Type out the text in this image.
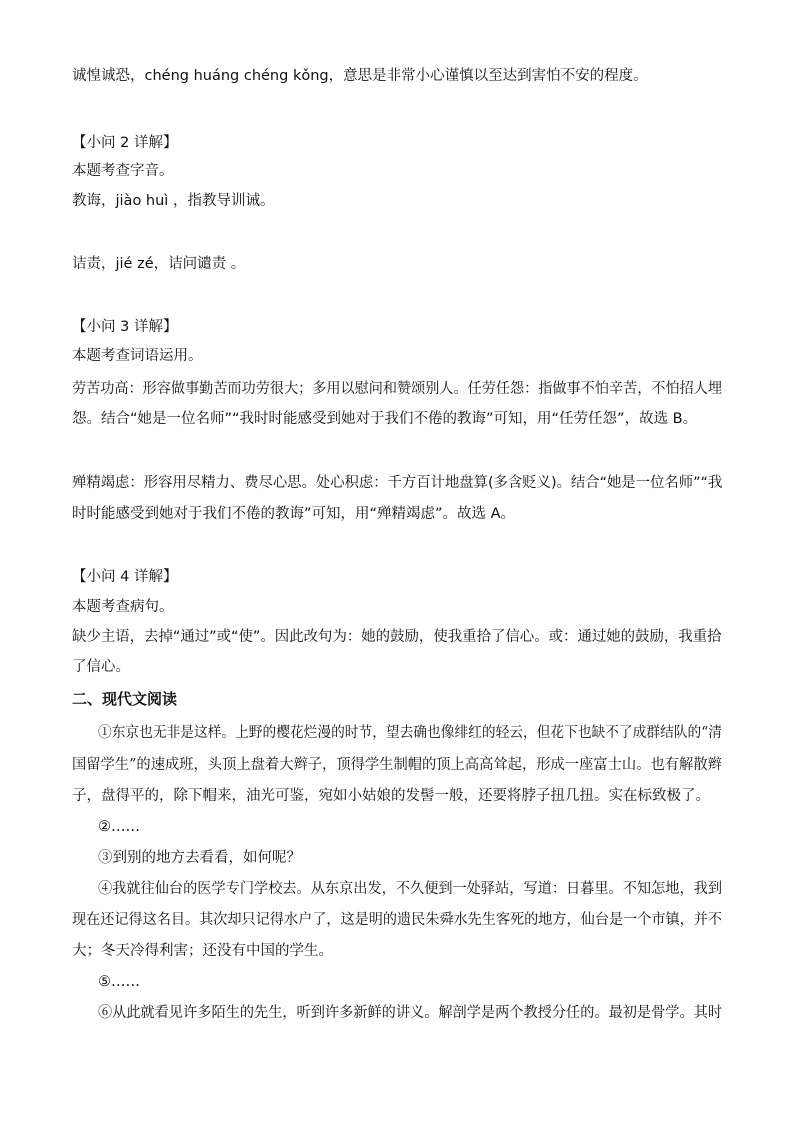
诚惶诚恐，chéng huáng chéng kǒng，意思是非常小心谨慎以至达到害怕不安的程度。
【小问 2 详解】
本题考查字音。
教诲，jiào huì ，指教导训诫。
诘责，jié zé，诘问谴责 。
【小问 3 详解】
本题考查词语运用。
劳苦功高：形容做事勤苦而功劳很大；多用以慰问和赞颂别人。任劳任怨：指做事不怕辛苦，不怕招人埋
怨。结合“她是一位名师”“我时时能感受到她对于我们不倦的教诲”可知，用“任劳任怨”，故选 B。
殚精竭虑：形容用尽精力、费尽心思。处心积虑：千方百计地盘算(多含贬义)。结合“她是一位名师”“我
时时能感受到她对于我们不倦的教诲”可知，用“殚精竭虑”。故选 A。
【小问 4 详解】
本题考查病句。
缺少主语，去掉“通过”或“使”。因此改句为：她的鼓励，使我重拾了信心。或：通过她的鼓励，我重拾
了信心。
二、现代文阅读
①东京也无非是这样。上野的樱花烂漫的时节，望去确也像绯红的轻云，但花下也缺不了成群结队的“清
国留学生”的速成班，头顶上盘着大辫子，顶得学生制帽的顶上高高耸起，形成一座富士山。也有解散辫
子，盘得平的，除下帽来，油光可鉴，宛如小姑娘的发髻一般，还要将脖子扭几扭。实在标致极了。
②……
③到别的地方去看看，如何呢？
④我就往仙台的医学专门学校去。从东京出发，不久便到一处驿站，写道：日暮里。不知怎地，我到
现在还记得这名目。其次却只记得水户了，这是明的遗民朱舜水先生客死的地方，仙台是一个市镇，并不
大；冬天冷得利害；还没有中国的学生。
⑤……
⑥从此就看见许多陌生的先生，听到许多新鲜的讲义。解剖学是两个教授分任的。最初是骨学。其时
